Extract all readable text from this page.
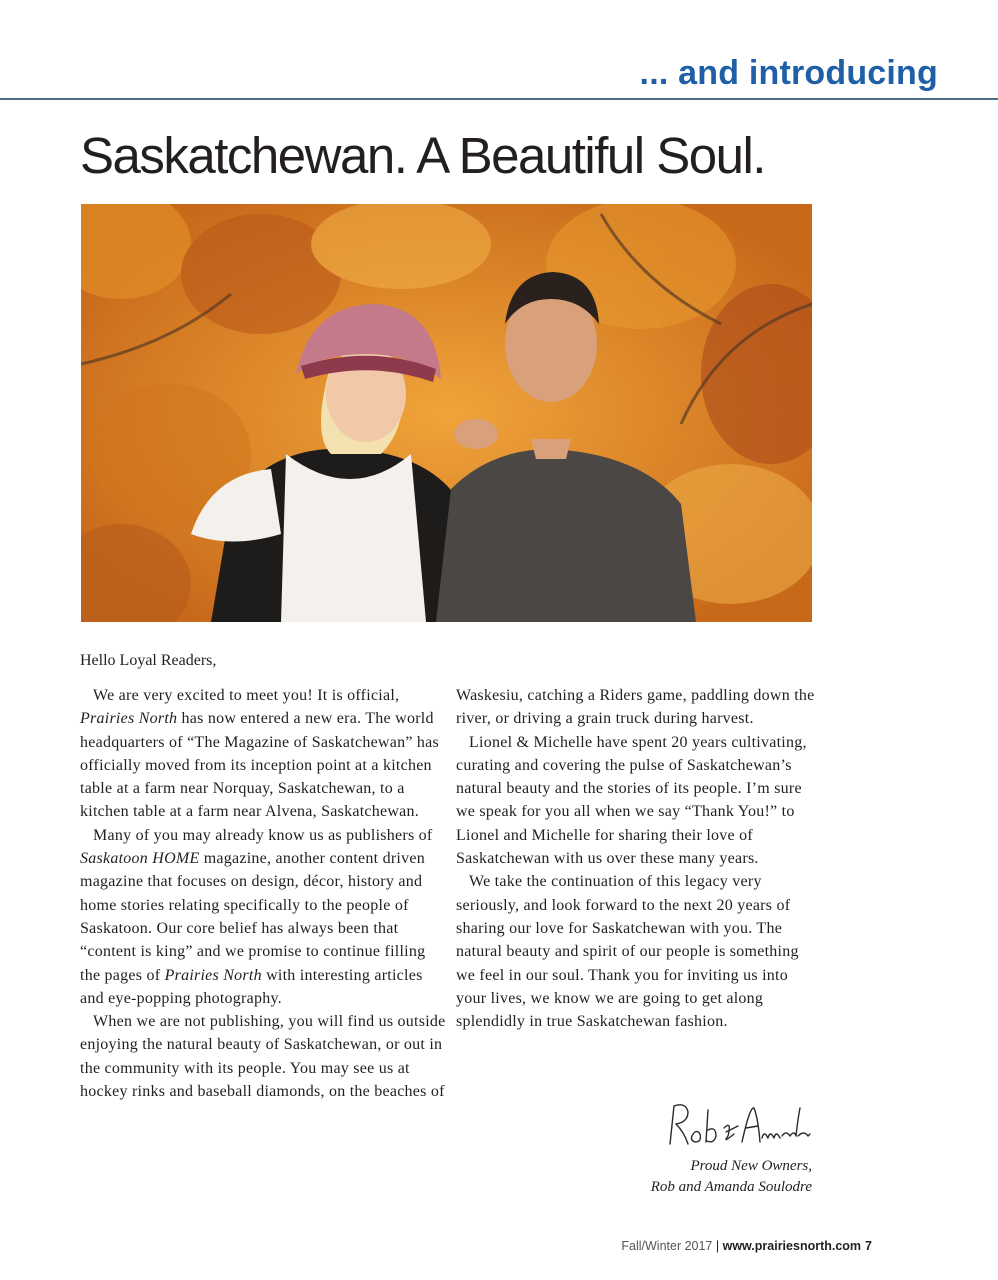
... and introducing
Saskatchewan. A Beautiful Soul.
Hello Loyal Readers,

We are very excited to meet you! It is official, Prairies North has now entered a new era. The world headquarters of “The Magazine of Saskatchewan” has officially moved from its inception point at a kitchen table at a farm near Norquay, Saskatchewan, to a kitchen table at a farm near Alvena, Saskatchewan.

Many of you may already know us as publishers of Saskatoon HOME magazine, another content driven magazine that focuses on design, décor, history and home stories relating specifically to the people of Saskatoon. Our core belief has always been that “content is king” and we promise to continue filling the pages of Prairies North with interesting articles and eye-popping photography.

When we are not publishing, you will find us outside enjoying the natural beauty of Saskatchewan, or out in the community with its people. You may see us at hockey rinks and baseball diamonds, on the beaches of

Waskesiu, catching a Riders game, paddling down the river, or driving a grain truck during harvest.

Lionel & Michelle have spent 20 years cultivating, curating and covering the pulse of Saskatchewan’s natural beauty and the stories of its people. I’m sure we speak for you all when we say “Thank You!” to Lionel and Michelle for sharing their love of Saskatchewan with us over these many years.

We take the continuation of this legacy very seriously, and look forward to the next 20 years of sharing our love for Saskatchewan with you. The natural beauty and spirit of our people is something we feel in our soul. Thank you for inviting us into your lives, we know we are going to get along splendidly in true Saskatchewan fashion.

Proud New Owners,
Rob and Amanda Soulodre
Fall/Winter 2017 | www.prairiesnorth.com 7
